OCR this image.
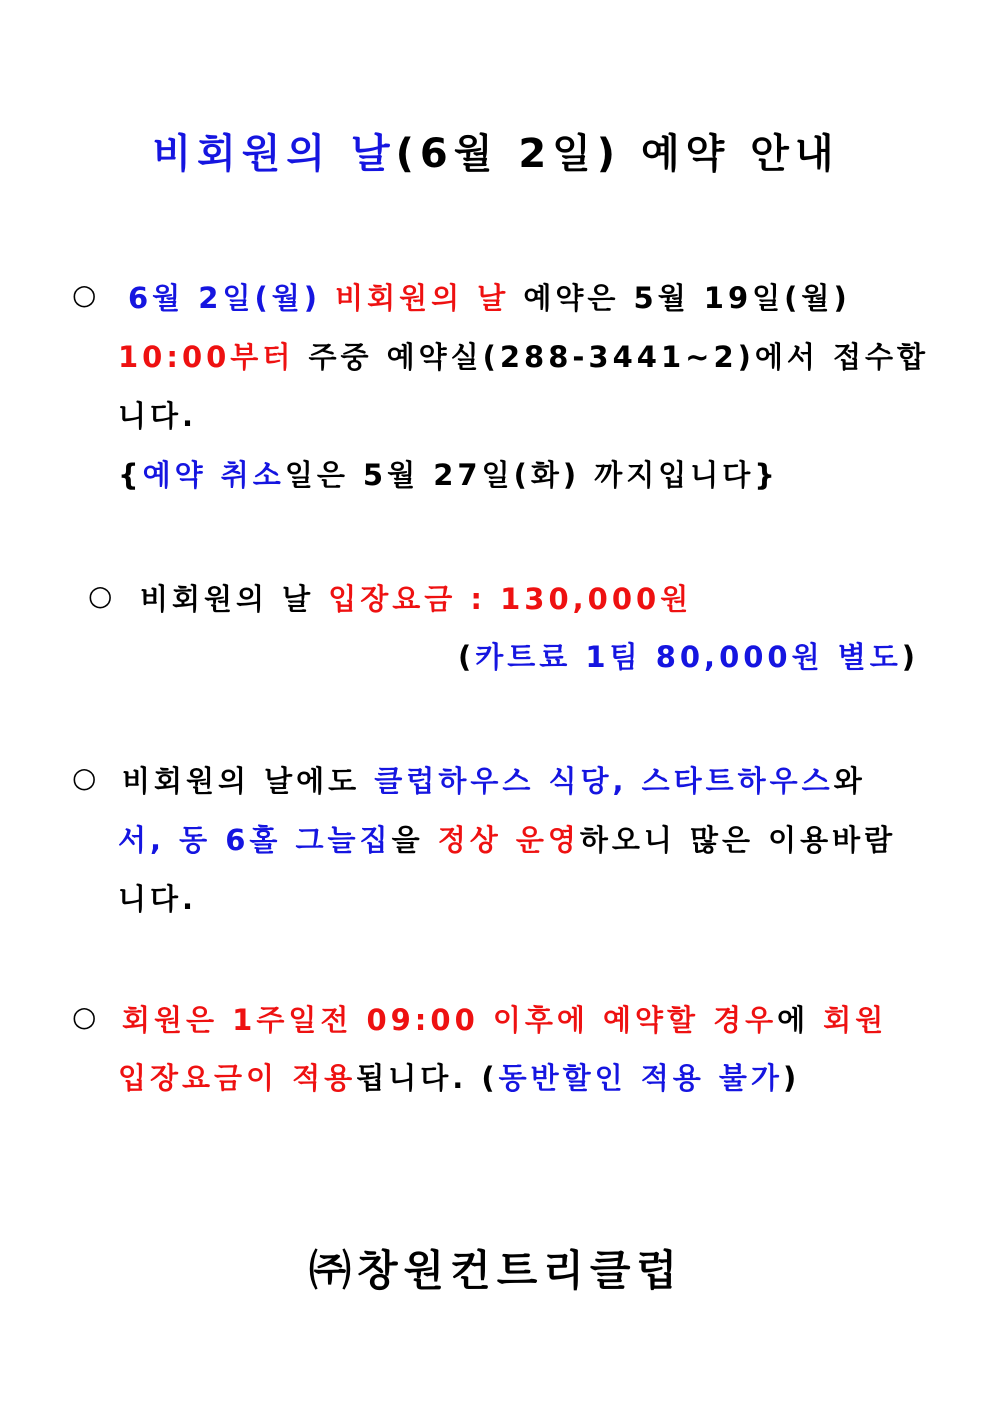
비회원의 날(6월 2일) 예약 안내
○ 6월 2일(월) 비회원의 날 예약은 5월 19일(월)
10:00부터 주중 예약실(288-3441~2)에서 접수합
니다.
{예약 취소일은 5월 27일(화) 까지입니다}
○ 비회원의 날 입장요금 : 130,000원
(카트료 1팀 80,000원 별도)
○ 비회원의 날에도 클럽하우스 식당, 스타트하우스와
서, 동 6홀 그늘집을 정상 운영하오니 많은 이용바람
니다.
○ 회원은 1주일전 09:00 이후에 예약할 경우에 회원
입장요금이 적용됩니다. (동반할인 적용 불가)
㈜창원컨트리클럽
